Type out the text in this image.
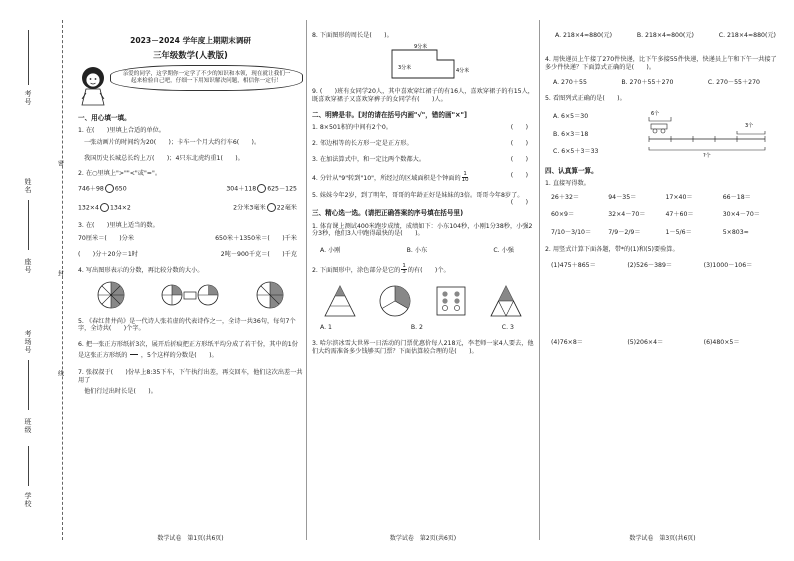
学校
班级
考场号
座号
姓名
考号
密
封
线
2023－2024 学年度上期期末调研
三年级数学(人教版)
亲爱的同学，这学期你一定学了不少的知识和本领，现在就让我们一起来检验自己吧，仔细一下用知识解决问题，相信你一定行！
一、用心填一填。
1. 在(　　)里填上合适的单位。
一张动画片的时间约为20(　　)；卡车一个月大约行车6(　　)。
我国历史长城总长约上万(　　)；4只东北虎约重1(　　)。
2. 在○里填上">""<"或"="。
746＋98 650	304＋118 625－125
132×4 134×2	2分米3毫米 22毫米
3. 在(　　)里填上适当的数。
70厘米＝(　　)分米	650米＋1350米＝(　　)千米
(　　)分＋20分＝1时	2吨－900千克＝(　　)千克
4. 写出图形表示的分数，再比较分数的大小。
5. 《春红昔井尚》是一代诗人张若虚的代表诗作之一，全诗一共36句，每句7个字，全诗共(　　)个字。
6. 把一张正方形纸折3次，展开后折痕把正方形纸平均分成了若干份，其中的1份是这张正方形纸的

　 ，5个这样的分数是(　　)。
7. 张叔叔于(　　)份早上8:35下车，下午执行出差，再交回车，他们这次出差一共用了
他们行过出时长是(　　)。
数学试卷　第1页(共6页)
8. 下面图形的周长是(　　)。
9分米
3分米	4分米
9. (　　)班有女同学20人，其中喜欢穿红裙子的有16人，喜欢穿裙子的有15人，既喜欢穿裙子又喜欢穿裤子的女同学有(　　)人。
二、明辨是非。[对的请在括号内画"√"，错的画"×"]
1. 8×501积的中间有2个0。	(　　)
2. 邻边相等的长方形一定是正方形。	(　　)
3. 在加法算式中，和一定比两个数都大。	(　　)
4. 分针从"9"转到"10"，所经过的区域面积是个钟面的 $\frac{1}{10}$	(　　)
5. 妹妹今年2岁，到了明年，哥哥的年龄正好是妹妹的3倍。哥哥今年8岁了。
(　　)
三、精心选一选。(请把正确答案的序号填在括号里)
1. 体育课上测试400米跑步成绩，成绩如下：小东104秒，小刚1分38秒，小强2分3秒，他们3人中跑得最快的是(　　)。
A. 小刚	B. 小东	C. 小强
2. 下面图形中，涂色部分是它的 $\frac{1}{3}$ 的有(　　)个。
A. 1	B. 2	C. 3
3. 哈尔滨冰雪大世界一日活动的门票优惠价每人218元，李老师一家4人要去，他们大约需准备多少钱够买门票？下面估算较合理的是(　　)。
数学试卷　第2页(共6页)
A. 218×4≈880(元)	B. 218×4≈800(元)	C. 218×4≈880(元)
4. 用快递员上午接了270件快递，比下午多接55件快递，快递员上午和下午一共接了多少件快递？下面算式正确的是(　　)。
A. 270＋55	B. 270＋55＋270	C. 270－55＋270
5. 看图列式正确的是(　　)。
A. 6×5＝30
B. 6×3＝18
C. 6×5＋3＝33
6个
3个
?个
四、认真算一算。
1. 直接写得数。
26＋32＝	94－35＝	17×40＝	66－18＝
60×9＝	32×4－70＝	47＋60＝	30×4－70＝
7/10－3/10＝	7/9－2/9＝	1－5/6＝	5×803≈
2. 用竖式计算下面各题，带*的(1)和(5)要验算。
(1)475＋865＝	(2)526－389＝	(3)1000－106＝
(4)76×8＝	(5)206×4＝	(6)480×5＝
数学试卷　第3页(共6页)
